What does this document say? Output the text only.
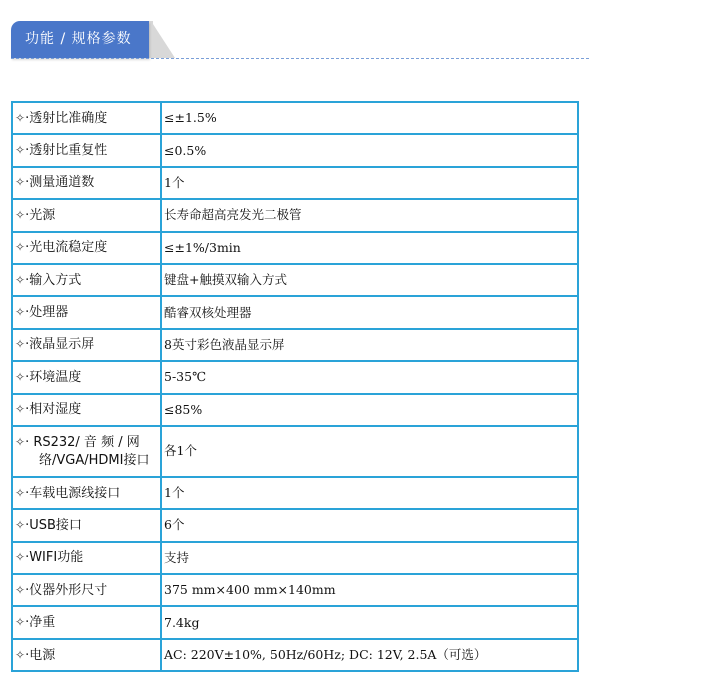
功能 / 规格参数
✧·透射比准确度	≤±1.5%
✧·透射比重复性	≤0.5%
✧·测量通道数	1个
✧·光源	长寿命超高亮发光二极管
✧·光电流稳定度	≤±1%/3min
✧·输入方式	键盘+触摸双输入方式
✧·处理器	酷睿双核处理器
✧·液晶显示屏	8英寸彩色液晶显示屏
✧·环境温度	5-35℃
✧·相对湿度	≤85%

✧· RS232/ 音 频 / 网
络/VGA/HDMI接口	各1个
✧·车载电源线接口	1个
✧·USB接口	6个
✧·WIFI功能	支持
✧·仪器外形尺寸	375 mm×400 mm×140mm
✧·净重	7.4kg
✧·电源	AC: 220V±10%, 50Hz/60Hz; DC: 12V, 2.5A（可选）
